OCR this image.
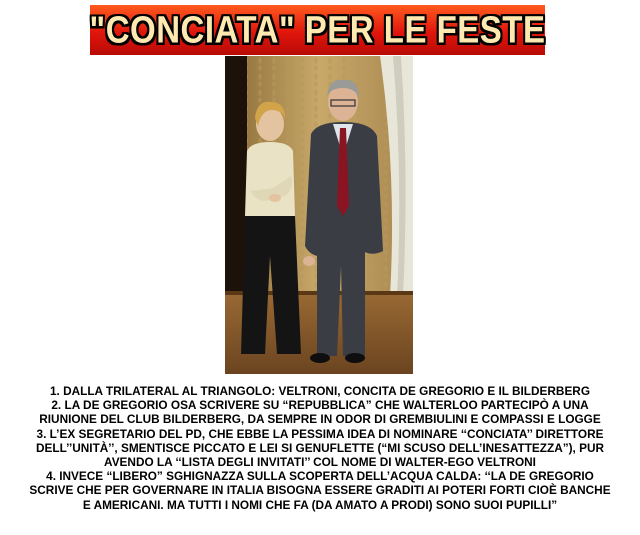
"CONCIATA" PER LE FESTE

1. DALLA TRILATERAL AL TRIANGOLO: VELTRONI, CONCITA DE GREGORIO E IL BILDERBERG

2. LA DE GREGORIO OSA SCRIVERE SU “REPUBBLICA” CHE WALTERLOO PARTECIPÒ A UNA

RIUNIONE DEL CLUB BILDERBERG, DA SEMPRE IN ODOR DI GREMBIULINI E COMPASSI E LOGGE

3. L’EX SEGRETARIO DEL PD, CHE EBBE LA PESSIMA IDEA DI NOMINARE ‘‘CONCIATA’’ DIRETTORE

DELL’’UNITÀ’’, SMENTISCE PICCATO E LEI SI GENUFLETTE (“MI SCUSO DELL’INESATTEZZA”), PUR

AVENDO LA ‘‘LISTA DEGLI INVITATI’’ COL NOME DI WALTER-EGO VELTRONI

4. INVECE “LIBERO” SGHIGNAZZA SULLA SCOPERTA DELL’ACQUA CALDA: ‘‘LA DE GREGORIO

SCRIVE CHE PER GOVERNARE IN ITALIA BISOGNA ESSERE GRADITI AI POTERI FORTI CIOÈ BANCHE

E AMERICANI. MA TUTTI I NOMI CHE FA (DA AMATO A PRODI) SONO SUOI PUPILLI”
